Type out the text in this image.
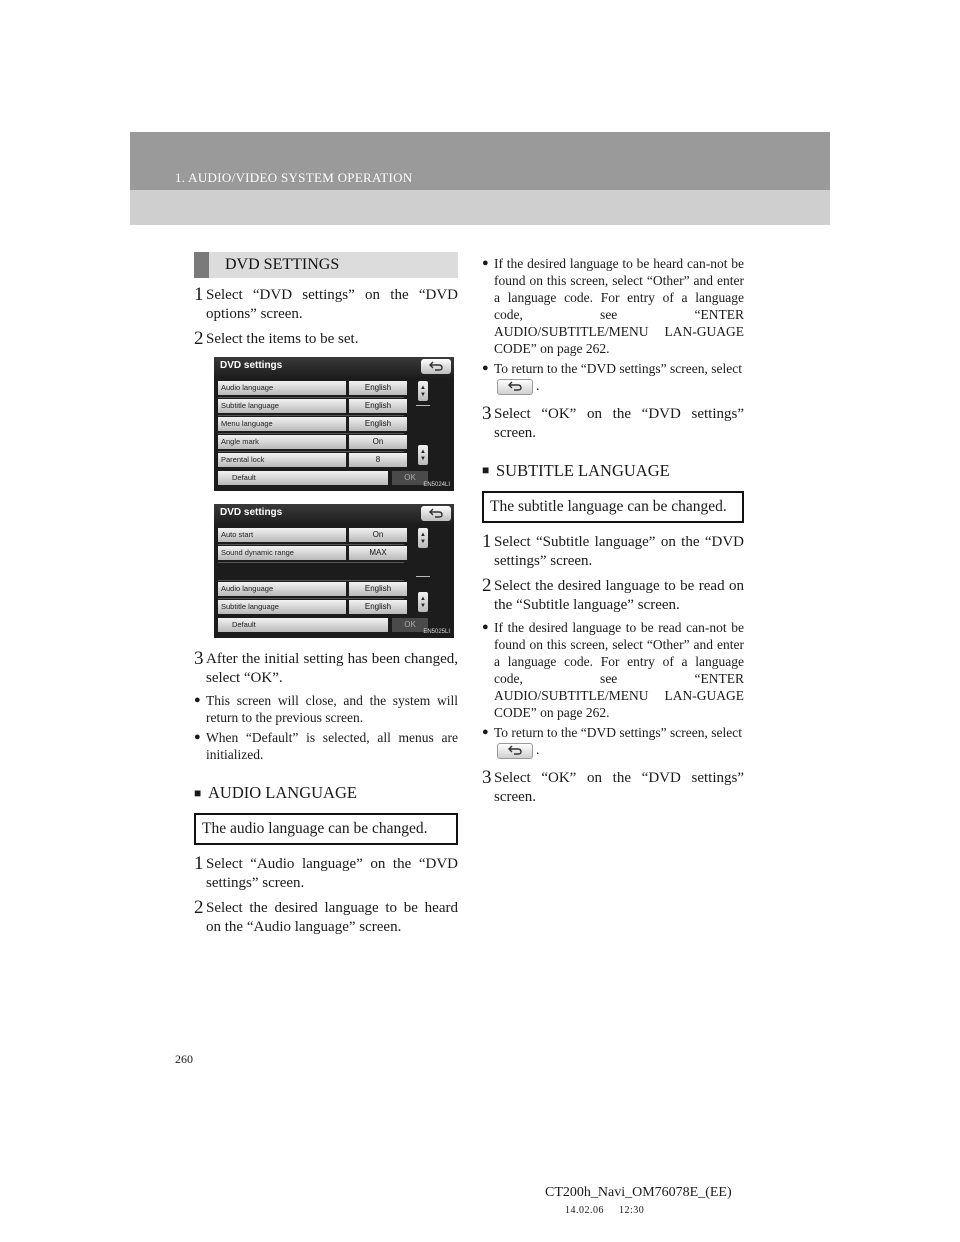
1. AUDIO/VIDEO SYSTEM OPERATION
DVD SETTINGS
1 Select “DVD settings” on the “DVD options” screen.
2 Select the items to be set.
DVD settings
Audio language	English
Subtitle language	English
Menu language	English
Angle mark	On
Parental lock	8
▲
▼
▲
▼
Default	OK
EN5024LI
DVD settings
Auto start	On
Sound dynamic range	MAX
Audio language	English
Subtitle language	English
▲
▼
▲
▼
Default	OK
EN5025LI
3 After the initial setting has been changed, select “OK”.
● This screen will close, and the system will return to the previous screen.
● When “Default” is selected, all menus are initialized.
■ AUDIO LANGUAGE
The audio language can be changed.
1 Select “Audio language” on the “DVD settings” screen.
2 Select the desired language to be heard on the “Audio language” screen.
● If the desired language to be heard can-not be found on this screen, select “Other” and enter a language code. For entry of a language code, see “ENTER AUDIO/SUBTITLE/MENU LAN-GUAGE CODE” on page 262.
● To return to the “DVD settings” screen, select

.
3 Select “OK” on the “DVD settings” screen.
■ SUBTITLE LANGUAGE
The subtitle language can be changed.
1 Select “Subtitle language” on the “DVD settings” screen.
2 Select the desired language to be read on the “Subtitle language” screen.
● If the desired language to be read can-not be found on this screen, select “Other” and enter a language code. For entry of a language code, see “ENTER AUDIO/SUBTITLE/MENU LAN-GUAGE CODE” on page 262.
● To return to the “DVD settings” screen, select

.
3 Select “OK” on the “DVD settings” screen.
260
CT200h_Navi_OM76078E_(EE)
14.02.06     12:30
